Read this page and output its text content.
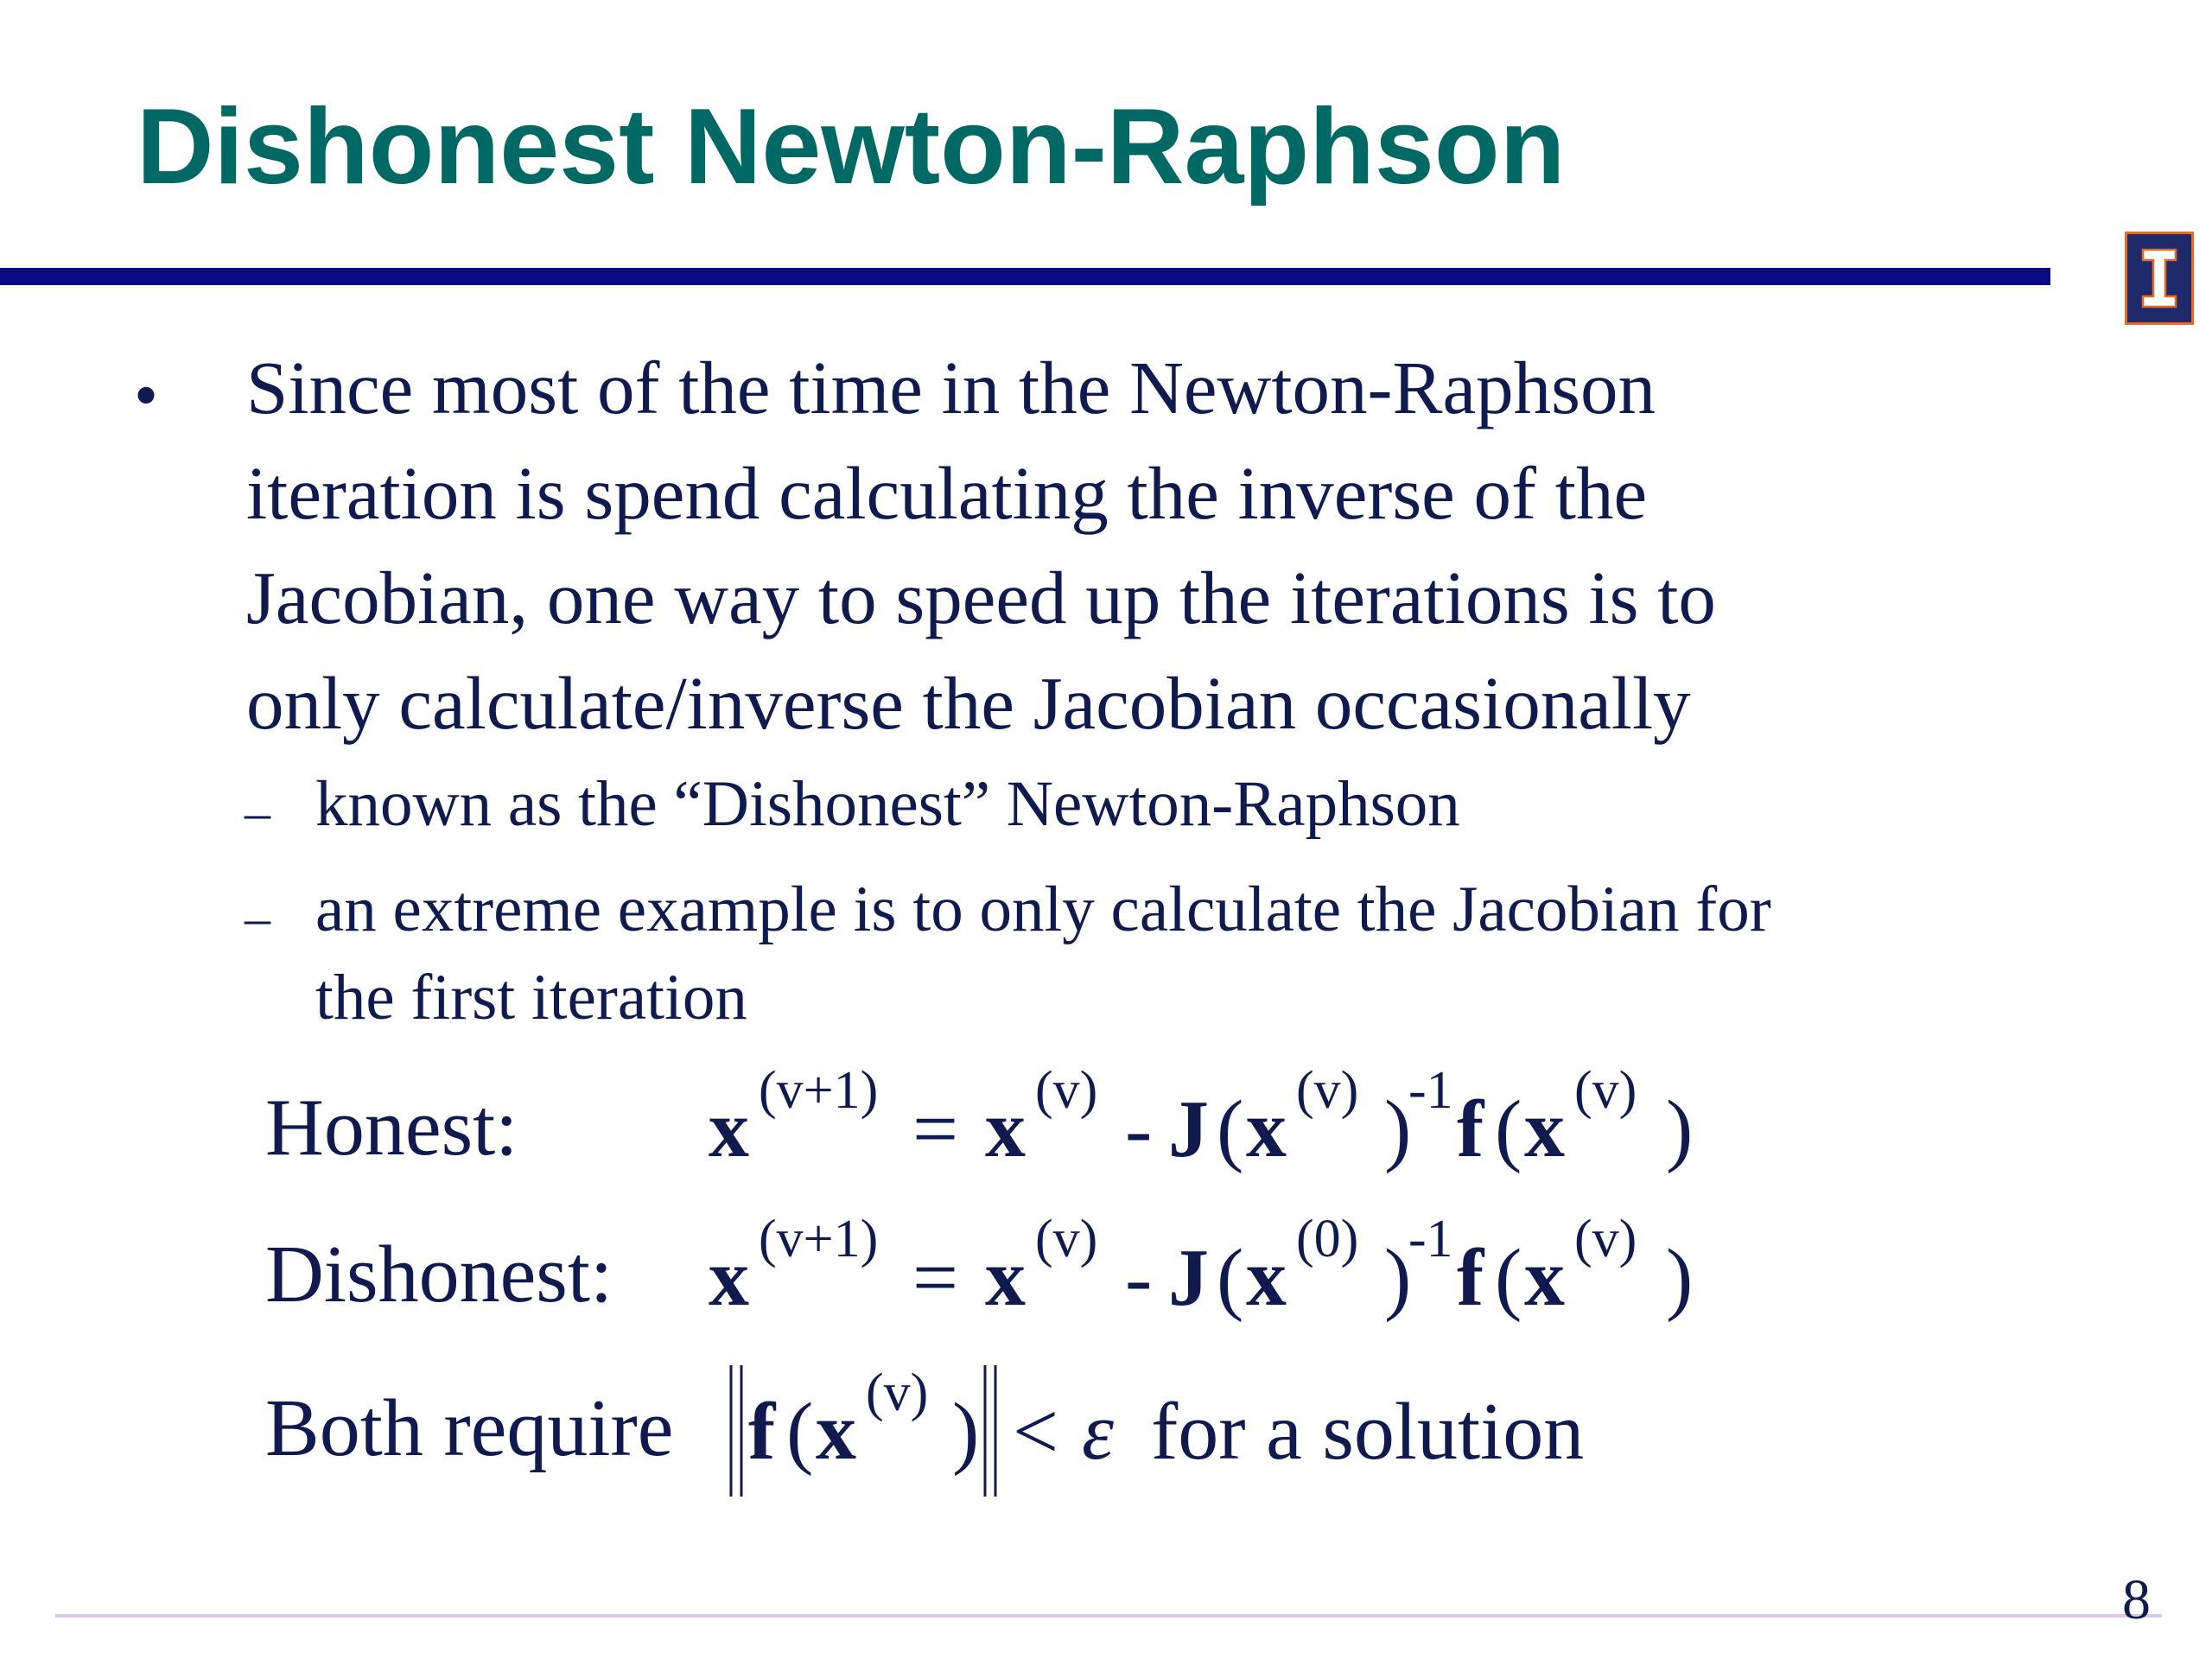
Dishonest Newton-Raphson
• Since most of the time in the Newton-Raphson
iteration is spend calculating the inverse of the
Jacobian, one way to speed up the iterations is to
only calculate/inverse the Jacobian occasionally
– known as the “Dishonest” Newton-Raphson
– an extreme example is to only calculate the Jacobian for
the first iteration
Honest: x (v+1) = x (v) - J ( x (v) )
-1 f ( x (v) )
Dishonest: x (v+1) = x (v) - J ( x (0) )
-1 f ( x (v) )
Both require f ( x (v) ) < ε for a solution
8
